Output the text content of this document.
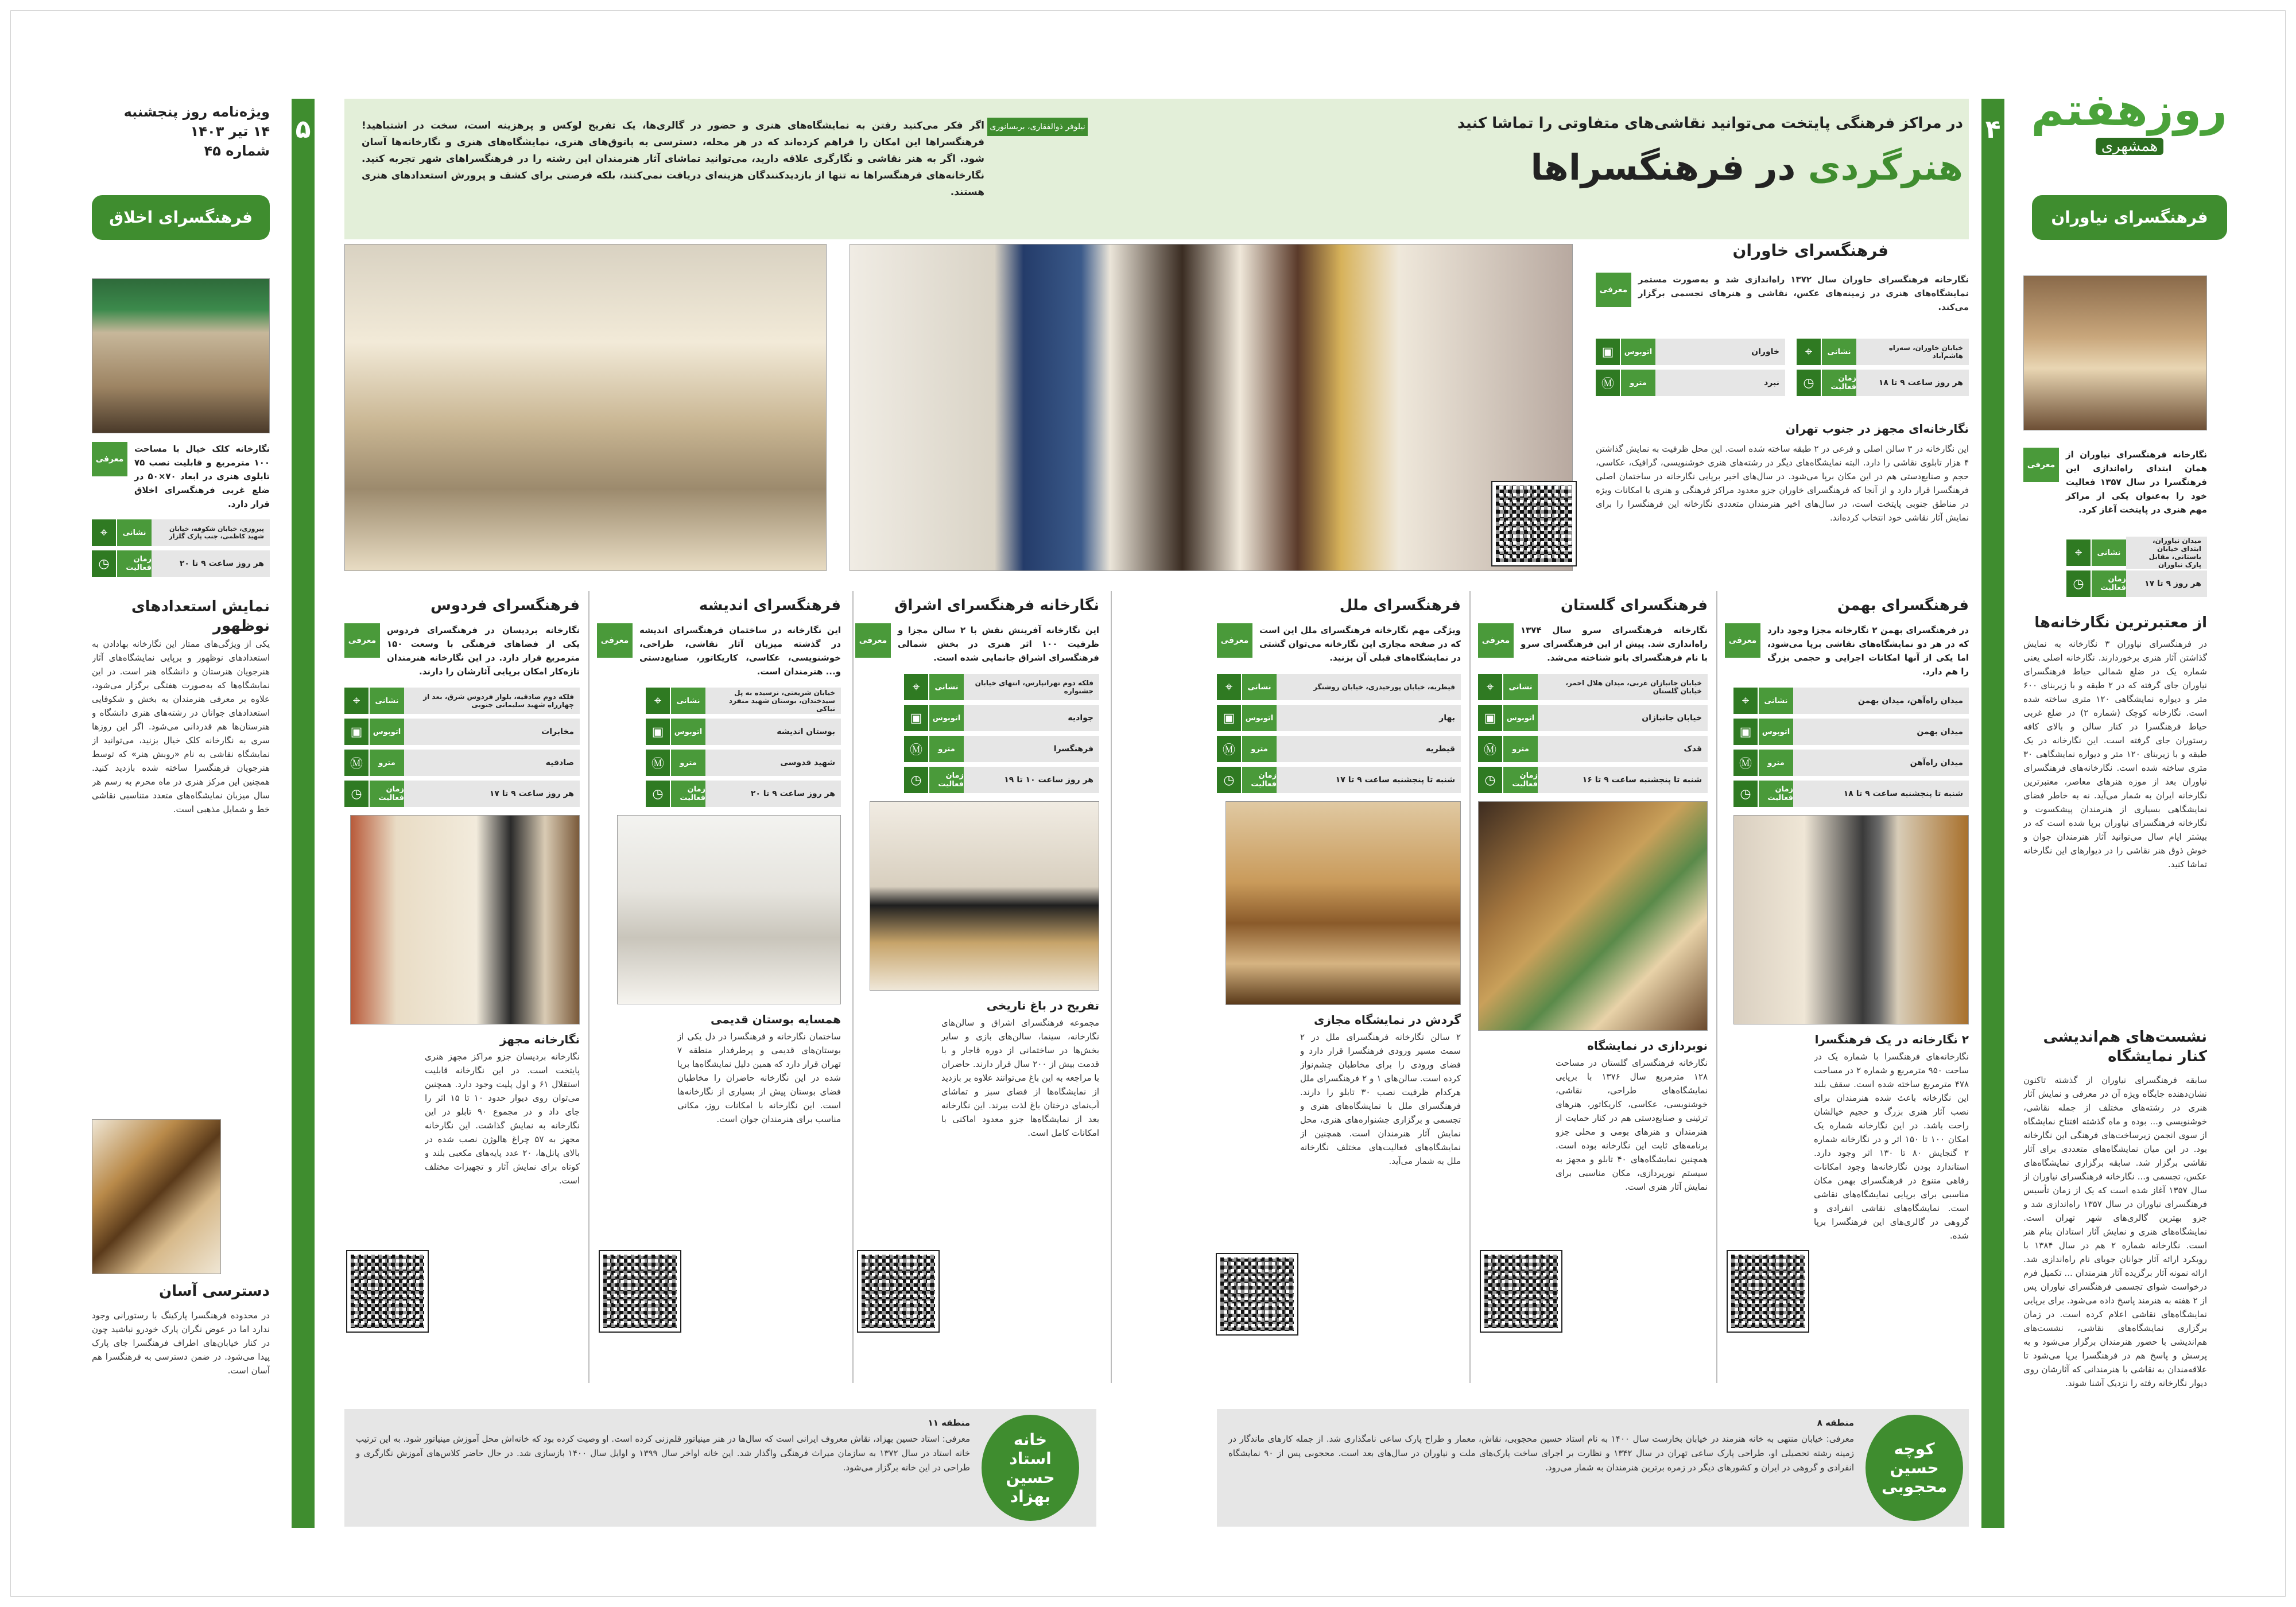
روزهفتم
همشهری
۴
۵
فرهنگسرای نیاوران
نگارخانه فرهنگسرای نیاوران از همان ابتدای راه‌اندازی این فرهنگسرا در سال ۱۳۵۷ فعالیت خود را به‌عنوان یکی از مراکز مهم هنری در پایتخت آغاز کرد.
معرفی
میدان نیاوران، ابتدای خیابان باستانی، مقابل پارک نیاوران
نشانی
⌖
هر روز ۹ تا ۱۷
زمان فعالیت
◷
از معتبرترین نگارخانه‌ها
در فرهنگسرای نیاوران ۳ نگارخانه به نمایش گذاشتن آثار هنری برخوردارند. نگارخانه اصلی یعنی شماره یک در ضلع شمالی حیاط فرهنگسرای نیاوران جای گرفته که در ۲ طبقه و با زیربنای ۶۰۰ متر و دیواره نمایشگاهی ۱۲۰ متری ساخته شده است. نگارخانه کوچک (شماره ۲) در ضلع غربی حیاط فرهنگسرا در کنار سالن و بالای کافه رستوران جای گرفته است. این نگارخانه در یک طبقه و با زیربنای ۱۲۰ متر و دیواره نمایشگاهی ۳۰ متری ساخته شده است. نگارخانه‌های فرهنگسرای نیاوران بعد از موزه هنرهای معاصر، معتبرترین نگارخانه ایران به شمار می‌آید. نه به خاطر فضای نمایشگاهی بسیاری از هنرمندان پیشکسوت و نگارخانه فرهنگسرای نیاوران برپا شده است که در بیشتر ایام سال می‌توانید آثار هنرمندان جوان و خوش ذوق هنر نقاشی را در دیوارهای این نگارخانه تماشا کنید.
نشست‌های هم‌اندیشی کنار نمایشگاه
سابقه فرهنگسرای نیاوران از گذشته تاکنون نشان‌دهنده جایگاه ویژه آن در معرفی و نمایش آثار هنری در رشته‌های مختلف از جمله نقاشی، خوشنویسی و... بوده و ماه گذشته افتتاح نمایشگاه از سوی انجمن زیرساخت‌های فرهنگی این نگارخانه بود. در این میان نمایشگاه‌های متعددی برای آثار نقاشی برگزار شد. سابقه برگزاری نمایشگاه‌های عکس، تجسمی و... نگارخانه فرهنگسرای نیاوران از سال ۱۳۵۷ آغاز شده است که یک از زمان تأسیس فرهنگسرای نیاوران در سال ۱۳۵۷ راه‌اندازی شد و جزو بهترین گالری‌های شهر تهران است. نمایشگاه‌های هنری و نمایش آثار استادان بنام هنر است. نگارخانه شماره ۲ هم در سال ۱۳۸۴ با رویکرد ارائه آثار جوانان جویای نام راه‌اندازی شد. ارائه نمونه آثار برگزیده آثار هنرمندان ... تکمیل فرم درخواست شوای تجسمی فرهنگسرای نیاوران پس از ۲ هفته به هنرمند پاسخ داده می‌شود. برای برپایی نمایشگاه‌های نقاشی اعلام کرده است. در زمان برگزاری نمایشگاه‌های نقاشی، نشست‌های هم‌اندیشی با حضور هنرمندان برگزار می‌شود و به پرسش و پاسخ هم در فرهنگسرا برپا می‌شود تا علاقه‌مندان به نقاشی با هنرمندانی که آثارشان روی دیوار نگارخانه رفته را نزدیک آشنا شوند.
در مراکز فرهنگی پایتخت می‌توانید نقاشی‌های متفاوتی را تماشا کنید
هنرگردی در فرهنگسراها
نیلوفر ذوالفقاری، بریسانوری
اگر فکر می‌کنید رفتن به نمایشگاه‌های هنری و حضور در گالری‌ها، یک تفریح لوکس و پرهزینه است، سخت در اشتباهید! فرهنگسراها این امکان را فراهم کرده‌اند که در هر محله، دسترسی به پاتوق‌های هنری، نمایشگاه‌های هنری و نگارخانه‌ها آسان شود. اگر به هنر نقاشی و نگارگری علاقه دارید، می‌توانید تماشای آثار هنرمندان این رشته را در فرهنگسراهای شهر تجربه کنید. نگارخانه‌های فرهنگسراها نه تنها از بازدیدکنندگان هزینه‌ای دریافت نمی‌کنند، بلکه فرصتی برای کشف و پرورش استعدادهای هنری هستند.
فرهنگسرای خاوران
نگارخانه فرهنگسرای خاوران سال ۱۳۷۲ راه‌اندازی شد و به‌صورت مستمر نمایشگاه‌های هنری در زمینه‌های عکس، نقاشی و هنرهای تجسمی برگزار می‌کند.
معرفی
خیابان خاوران، سه‌راه هاشم‌آباد
نشانی
⌖
هر روز ساعت ۹ تا ۱۸
زمان فعالیت
◷
خاوران
اتوبوس
▣
نبرد
مترو
Ⓜ
نگارخانه‌ای مجهز در جنوب تهران
این نگارخانه در ۳ سالن اصلی و فرعی در ۲ طبقه ساخته شده است. این محل ظرفیت به نمایش گذاشتن ۴ هزار تابلوی نقاشی را دارد. البته نمایشگاه‌های دیگر در رشته‌های هنری خوشنویسی، گرافیک، عکاسی، حجم و صنایع‌دستی هم در این مکان برپا می‌شود. در سال‌های اخیر برپایی نگارخانه در ساختمان اصلی فرهنگسرا قرار دارد و از آنجا که فرهنگسرای خاوران جزو معدود مراکز فرهنگی و هنری با امکانات ویژه در مناطق جنوبی پایتخت است، در سال‌های اخیر هنرمندان متعددی نگارخانه این فرهنگسرا را برای نمایش آثار نقاشی خود انتخاب کرده‌اند.
فرهنگسرای بهمن
در فرهنگسرای بهمن ۲ نگارخانه مجزا وجود دارد که در هر دو نمایشگاه‌های نقاشی برپا می‌شود، اما یکی از آنها امکانات اجرایی و حجمی بزرگ را هم دارد.
معرفی
میدان راه‌آهن، میدان بهمن
نشانی
⌖
میدان بهمن
اتوبوس
▣
میدان راه‌آهن
مترو
Ⓜ
شنبه تا پنجشنبه ساعت ۹ تا ۱۸
زمان فعالیت
◷
۲ نگارخانه در یک فرهنگسرا
نگارخانه‌های فرهنگسرا با شماره یک در ساحت ۹۵۰ مترمربع و شماره ۲ در مساحت ۴۷۸ مترمربع ساخته شده است. سقف بلند این نگارخانه باعث شده هنرمندان برای نصب آثار هنری بزرگ و حجیم خیالشان راحت باشد. در این نگارخانه شماره یک امکان ۱۰۰ تا ۱۵۰ اثر و در نگارخانه شماره ۲ گنجایش ۸۰ تا ۱۳۰ اثر وجود دارد. استاندارد بودن نگارخانه‌ها وجود امکانات رفاهی متنوع در فرهنگسرای بهمن مکان مناسبی برای برپایی نمایشگاه‌های نقاشی است. نمایشگاه‌های نقاشی انفرادی و گروهی در گالری‌های این فرهنگسرا برپا شده.
فرهنگسرای گلستان
نگارخانه فرهنگسرای سرو سال ۱۳۷۴ راه‌اندازی شد. پیش از این فرهنگسرای سرو با نام فرهنگسرای بانو شناخته می‌شد.
معرفی
خیابان جانبازان غربی، میدان هلال احمر، خیابان گلستان
نشانی
⌖
خیابان جانبازان
اتوبوس
▣
قدک
مترو
Ⓜ
شنبه تا پنجشنبه ساعت ۹ تا ۱۶
زمان فعالیت
◷
نوبردازی در نمایشگاه
نگارخانه فرهنگسرای گلستان در مساحت ۱۲۸ مترمربع سال ۱۳۷۶ با برپایی نمایشگاه‌های طراحی، نقاشی، خوشنویسی، عکاسی، کاریکاتور، هنرهای ترئینی و صنایع‌دستی هم در کنار حمایت از هنرمندان و هنرهای بومی و محلی جزو برنامه‌های ثابت این نگارخانه بوده است. همچنین نمایشگاه‌های ۴۰ تابلو و مجهز به سیستم نورپردازی، مکان مناسبی برای نمایش آثار هنری است.
فرهنگسرای ملل
ویژگی مهم نگارخانه فرهنگسرای ملل این است که در صفحه مجازی این نگارخانه می‌توان گشتی در نمایشگاه‌های قبلی آن بزنید.
معرفی
قیطریه، خیابان پورحیدری، خیابان روشنگر
نشانی
⌖
بهار
اتوبوس
▣
قیطریه
مترو
Ⓜ
شنبه تا پنجشنبه ساعت ۹ تا ۱۷
زمان فعالیت
◷
گردش در نمایشگاه مجازی
۲ سالن نگارخانه فرهنگسرای ملل در ۲ سمت مسیر ورودی فرهنگسرا قرار دارد و فضای ورودی را برای مخاطبان چشم‌نواز کرده است. سالن‌های ۱ و ۲ فرهنگسرای ملل هرکدام ظرفیت نصب ۳۰ تابلو را دارند. فرهنگسرای ملل با نمایشگاه‌های هنری و تجسمی و برگزاری جشنواره‌های هنری، محل نمایش آثار هنرمندان است. همچنین از نمایشگاه‌های فعالیت‌های مختلف نگارخانه ملل به شمار می‌آید.
نگارخانه فرهنگسرای اشراق
این نگارخانه آفرینش نقش با ۲ سالن مجزا و ظرفیت ۱۰۰ اثر هنری در بخش شمالی فرهنگسرای اشراق جانمایی شده است.
معرفی
فلکه دوم تهرانپارس، انتهای خیابان جشنواره
نشانی
⌖
جوادیه
اتوبوس
▣
فرهنگسرا
مترو
Ⓜ
هر روز ساعت ۱۰ تا ۱۹
زمان فعالیت
◷
تفریح در باغ تاریخی
مجموعه فرهنگسرای اشراق و سالن‌های نگارخانه، سینما، سالن‌های بازی و سایر بخش‌ها در ساختمانی از دوره قاجار و با قدمت بیش از ۲۰۰ سال قرار دارند. حاضران با مراجعه به این باغ می‌توانند علاوه بر بازدید از نمایشگاه‌ها از فضای سبز و تماشای آب‌نمای درختان باغ لذت ببرند. این نگارخانه بعد از نمایشگاه‌ها جزو معدود اماکنی با امکانات کامل است.
فرهنگسرای اندیشه
این نگارخانه در ساختمان فرهنگسرای اندیشه در گذشته میزبان آثار نقاشی، طراحی، خوشنویسی، عکاسی، کاریکاتور، صنایع‌دستی و... هنرمندان است.
معرفی
خیابان شریعتی، نرسیده به پل سیدخندان، بوستان شهید منفرد نیاکی
نشانی
⌖
بوستان اندیشه
اتوبوس
▣
شهید قدوسی
مترو
Ⓜ
هر روز ساعت ۹ تا ۲۰
زمان فعالیت
◷
همسایه بوستان قدیمی
ساختمان نگارخانه و فرهنگسرا در دل یکی از بوستان‌های قدیمی و پرطرفدار منطقه ۷ تهران قرار دارد که همین دلیل نمایشگاه‌ها برپا شده در این نگارخانه حاضران را مخاطبان فضای بوستان پیش از بسیاری از نگارخانه‌ها است. این نگارخانه با امکانات روز، مکانی مناسب برای هنرمندان جوان است.
فرهنگسرای فردوس
نگارخانه بردیسان در فرهنگسرای فردوس یکی از فضاهای فرهنگی با وسعت ۱۵۰ مترمربع قرار دارد. در این نگارخانه هنرمندان تازه‌کار امکان برپایی آثارشان را دارند.
معرفی
فلکه دوم صادقیه، بلوار فردوس شرق، بعد از چهارراه شهید سلیمانی جنوبی
نشانی
⌖
مخابرات
اتوبوس
▣
صادقیه
مترو
Ⓜ
هر روز ساعت ۹ تا ۱۷
زمان فعالیت
◷
نگارخانه مجهز
نگارخانه بردیسان جزو مراکز مجهز هنری پایتخت است. در این نگارخانه قابلیت استقلال ۶۱ و اول پلیت وجود دارد. همچنین می‌توان روی دیوار حدود ۱۰ تا ۱۵ اثر را جای داد و در مجموع ۹۰ تابلو در این نگارخانه به نمایش گذاشت. این نگارخانه مجهز به ۵۷ چراغ هالوژن نصب شده در بالای پانل‌ها، ۲۰ عدد پایه‌های مکعبی بلند و کوتاه برای نمایش آثار و تجهیزات مختلف است.
کوچه حسین محجوبی
منطقه ۸
معرفی: خیابان منتهی به خانه هنرمند در خیابان بخارست سال ۱۴۰۰ به نام استاد حسین محجوبی، نقاش، معمار و طراح پارک ساعی نامگذاری شد. از جمله کارهای ماندگار در زمینه رشته تحصیلی او، طراحی پارک ساعی تهران در سال ۱۳۴۲ و نظارت بر اجرای ساخت پارک‌های ملت و نیاوران در سال‌های بعد است. محجوبی پس از ۹۰ نمایشگاه انفرادی و گروهی در ایران و کشورهای دیگر در زمره برترین هنرمندان به شمار می‌رود.
خانه استاد حسین بهزاد
منطقه ۱۱
معرفی: استاد حسین بهزاد، نقاش معروف ایرانی است که سال‌ها در هنر مینیاتور قلم‌زنی کرده است. او وصیت کرده بود که خانه‌اش محل آموزش مینیاتور شود. به این ترتیب خانه استاد در سال ۱۳۷۲ به سازمان میراث فرهنگی واگذار شد. این خانه اواخر سال ۱۳۹۹ و اوایل سال ۱۴۰۰ بازسازی شد. در حال حاضر کلاس‌های آموزش نگارگری و طراحی در این خانه برگزار می‌شود.
ویژه‌نامه روز پنجشنبه
۱۴ تیر ۱۴۰۳
شماره ۴۵
فرهنگسرای اخلاق
نگارخانه کلک خیال با مساحت ۱۰۰ مترمربع و قابلیت نصب ۷۵ تابلوی هنری در ابعاد ۷۰×۵۰ در ضلع غربی فرهنگسرای اخلاق قرار دارد.
معرفی
پیروزی، خیابان شکوفه، خیابان شهید کاظمی، جنب پارک گلزار
نشانی
⌖
هر روز ساعت ۹ تا ۲۰
زمان فعالیت
◷
نمایش استعدادهای نوظهور
یکی از ویژگی‌های ممتاز این نگارخانه بهادادن به استعدادهای نوظهور و برپایی نمایشگاه‌های آثار هنرجویان هنرستان و دانشگاه هنر است. در این نمایشگاه‌ها که به‌صورت هفتگی برگزار می‌شود، علاوه بر معرفی هنرمندان به بخش و شکوفایی استعدادهای جوانان در رشته‌های هنری دانشگاه و هنرستان‌ها هم قدردانی می‌شود. اگر این روزها سری به نگارخانه کلک خیال بزنید، می‌توانید از نمایشگاه نقاشی به نام «روبش هنر» که توسط هنرجویان فرهنگسرا ساخته شده بازدید کنید. همچنین این مرکز هنری در ماه محرم به رسم هر سال میزبان نمایشگاه‌های متعدد متناسبی نقاشی خط و شمایل مذهبی است.
دسترسی آسان
در محدوده فرهنگسرا پارکینگ با رستورانی وجود ندارد اما در عوض نگران پارک خودرو نباشید چون در کنار خیابان‌های اطراف فرهنگسرا جای پارک پیدا می‌شود. در ضمن دسترسی به فرهنگسرا هم آسان است.
